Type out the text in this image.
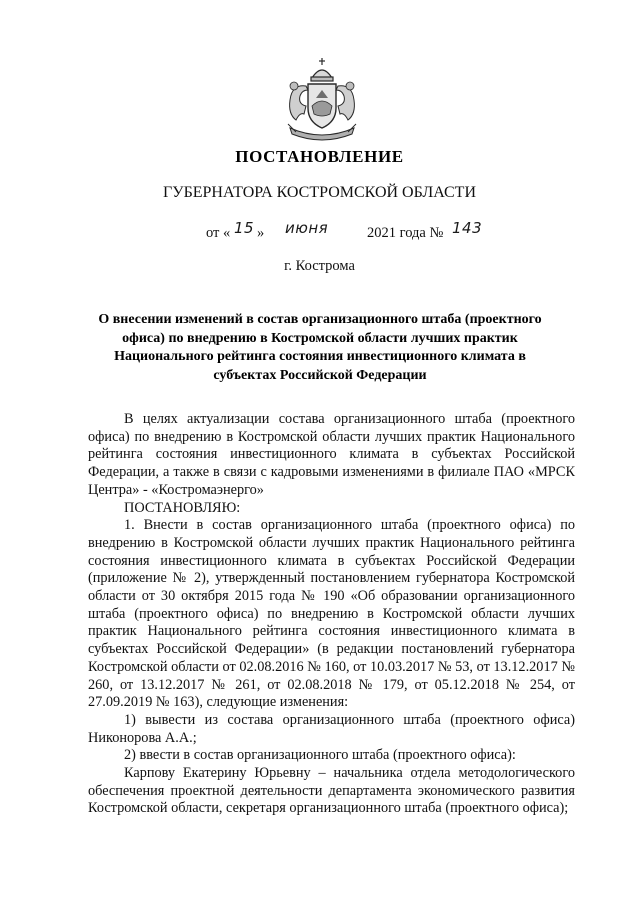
ПОСТАНОВЛЕНИЕ
ГУБЕРНАТОРА КОСТРОМСКОЙ ОБЛАСТИ
от « 15 » июня	2021 года № 143
г. Кострома
О внесении изменений в состав организационного штаба (проектного офиса) по внедрению в Костромской области лучших практик Национального рейтинга состояния инвестиционного климата в субъектах Российской Федерации

В целях актуализации состава организационного штаба (проектного офиса) по внедрению в Костромской области лучших практик Национального рейтинга состояния инвестиционного климата в субъектах Российской Федерации, а также в связи с кадровыми изменениями в филиале ПАО «МРСК Центра» - «Костромаэнерго»

ПОСТАНОВЛЯЮ:

1. Внести в состав организационного штаба (проектного офиса) по внедрению в Костромской области лучших практик Национального рейтинга состояния инвестиционного климата в субъектах Российской Федерации (приложение № 2), утвержденный постановлением губернатора Костромской области от 30 октября 2015 года № 190 «Об образовании организационного штаба (проектного офиса) по внедрению в Костромской области лучших практик Национального рейтинга состояния инвестиционного климата в субъектах Российской Федерации» (в редакции постановлений губернатора Костромской области от 02.08.2016 № 160, от 10.03.2017 № 53, от 13.12.2017 № 260, от 13.12.2017 № 261, от 02.08.2018 № 179, от 05.12.2018 № 254, от 27.09.2019 № 163), следующие изменения:

1) вывести из состава организационного штаба (проектного офиса) Никонорова А.А.;

2) ввести в состав организационного штаба (проектного офиса):

Карпову Екатерину Юрьевну – начальника отдела методологического обеспечения проектной деятельности департамента экономического развития Костромской области, секретаря организационного штаба (проектного офиса);
